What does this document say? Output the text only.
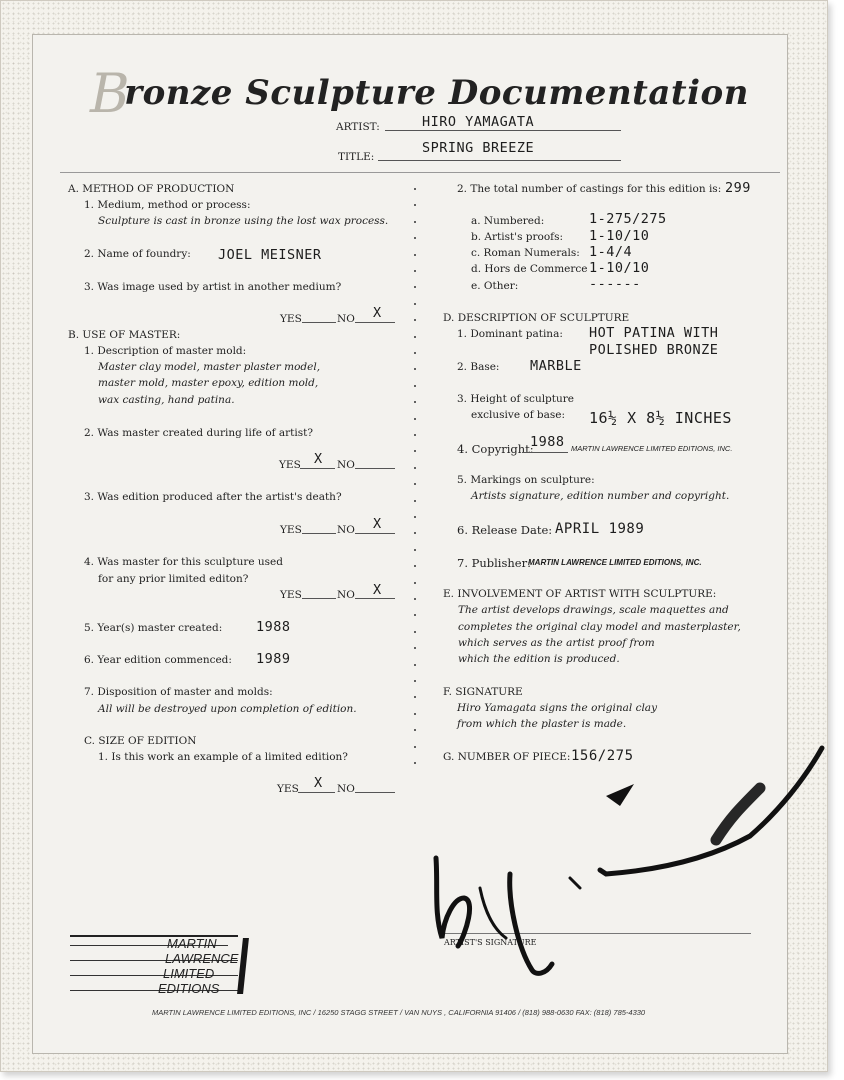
Bronze Sculpture Documentation
ARTIST:	HIRO YAMAGATA
TITLE:
SPRING BREEZE
A. METHOD OF PRODUCTION
1. Medium, method or process:
Sculpture is cast in bronze using the lost wax process.
2. Name of foundry: JOEL MEISNER
3. Was image used by artist in another medium?
YES	NO X
B. USE OF MASTER:
1. Description of master mold:
Master clay model, master plaster model,
master mold, master epoxy, edition mold,
wax casting, hand patina.
2. Was master created during life of artist?
YES X NO
3. Was edition produced after the artist's death?
YES	NO X
4. Was master for this sculpture used
for any prior limited editon?
YES	NO X
5. Year(s) master created:	1988
6. Year edition commenced: 1989
7. Disposition of master and molds:
All will be destroyed upon completion of edition.
C. SIZE OF EDITION
1. Is this work an example of a limited edition?
YES X NO
2. The total number of castings for this edition is: 299
a. Numbered:	1-275/275
b. Artist's proofs: 1-10/10
c. Roman Numerals: 1-4/4
d. Hors de Commerce 1-10/10
e. Other:	------
D. DESCRIPTION OF SCULPTURE
1. Dominant patina: HOT PATINA WITH
POLISHED BRONZE
2. Base: MARBLE
3. Height of sculpture
exclusive of base: 16½ X 8½ INCHES
4. Copyright:
1988 MARTIN LAWRENCE LIMITED EDITIONS, INC.
5. Markings on sculpture:
Artists signature, edition number and copyright.
6. Release Date: APRIL 1989
7. Publisher:
MARTIN LAWRENCE LIMITED EDITIONS, INC.
E. INVOLVEMENT OF ARTIST WITH SCULPTURE:
The artist develops drawings, scale maquettes and
completes the original clay model and masterplaster,
which serves as the artist proof from
which the edition is produced.
F. SIGNATURE
Hiro Yamagata signs the original clay
from which the plaster is made.
G. NUMBER OF PIECE: 156/275
ARTIST'S SIGNATURE
MARTIN
LAWRENCE
LIMITED
EDITIONS
MARTIN LAWRENCE LIMITED EDITIONS, INC / 16250 STAGG STREET / VAN NUYS , CALIFORNIA 91406 / (818) 988-0630 FAX: (818) 785-4330
